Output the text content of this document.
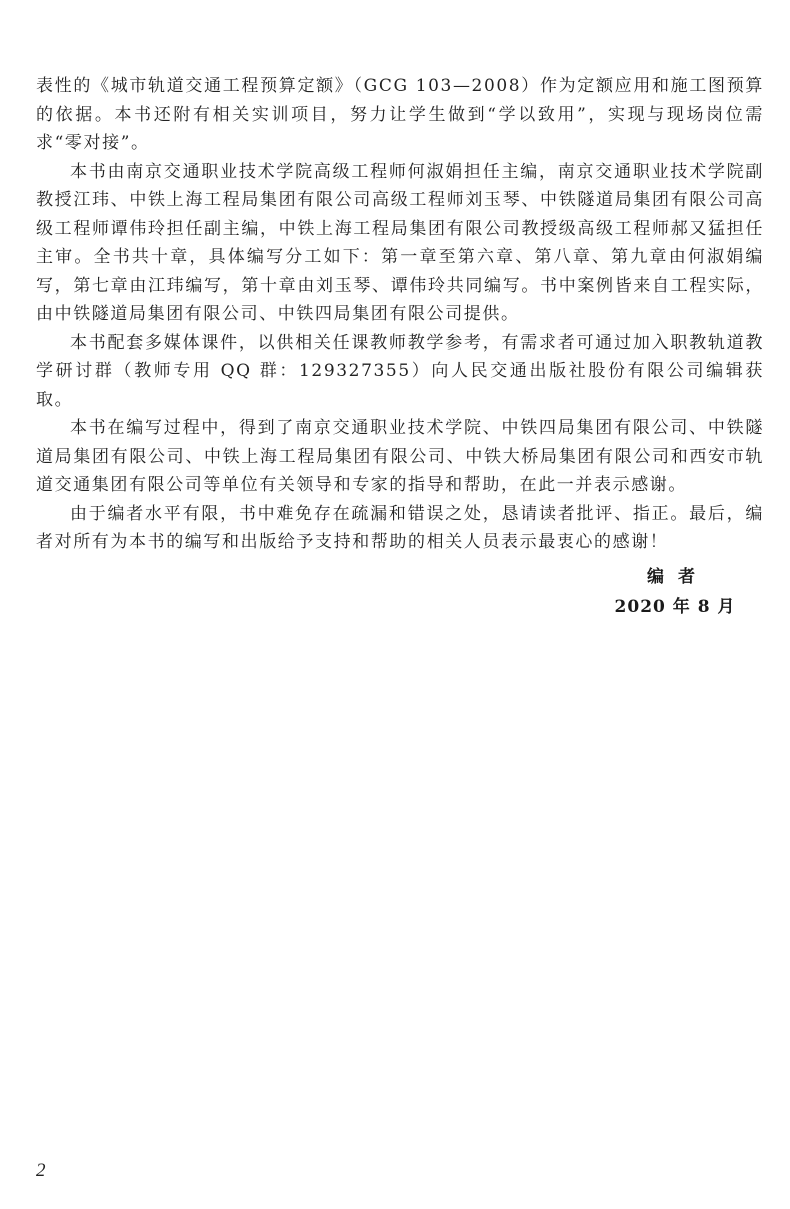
表性的《城市轨道交通工程预算定额》（GCG 103—2008）作为定额应用和施工图预算的依据。本书还附有相关实训项目，努力让学生做到“学以致用”，实现与现场岗位需求“零对接”。

本书由南京交通职业技术学院高级工程师何淑娟担任主编，南京交通职业技术学院副教授江玮、中铁上海工程局集团有限公司高级工程师刘玉琴、中铁隧道局集团有限公司高级工程师谭伟玲担任副主编，中铁上海工程局集团有限公司教授级高级工程师郝又猛担任主审。全书共十章，具体编写分工如下：第一章至第六章、第八章、第九章由何淑娟编写，第七章由江玮编写，第十章由刘玉琴、谭伟玲共同编写。书中案例皆来自工程实际，由中铁隧道局集团有限公司、中铁四局集团有限公司提供。

本书配套多媒体课件，以供相关任课教师教学参考，有需求者可通过加入职教轨道教学研讨群（教师专用 QQ 群：129327355）向人民交通出版社股份有限公司编辑获取。

本书在编写过程中，得到了南京交通职业技术学院、中铁四局集团有限公司、中铁隧道局集团有限公司、中铁上海工程局集团有限公司、中铁大桥局集团有限公司和西安市轨道交通集团有限公司等单位有关领导和专家的指导和帮助，在此一并表示感谢。

由于编者水平有限，书中难免存在疏漏和错误之处，恳请读者批评、指正。最后，编者对所有为本书的编写和出版给予支持和帮助的相关人员表示最衷心的感谢！

编者
2020 年 8 月
2
